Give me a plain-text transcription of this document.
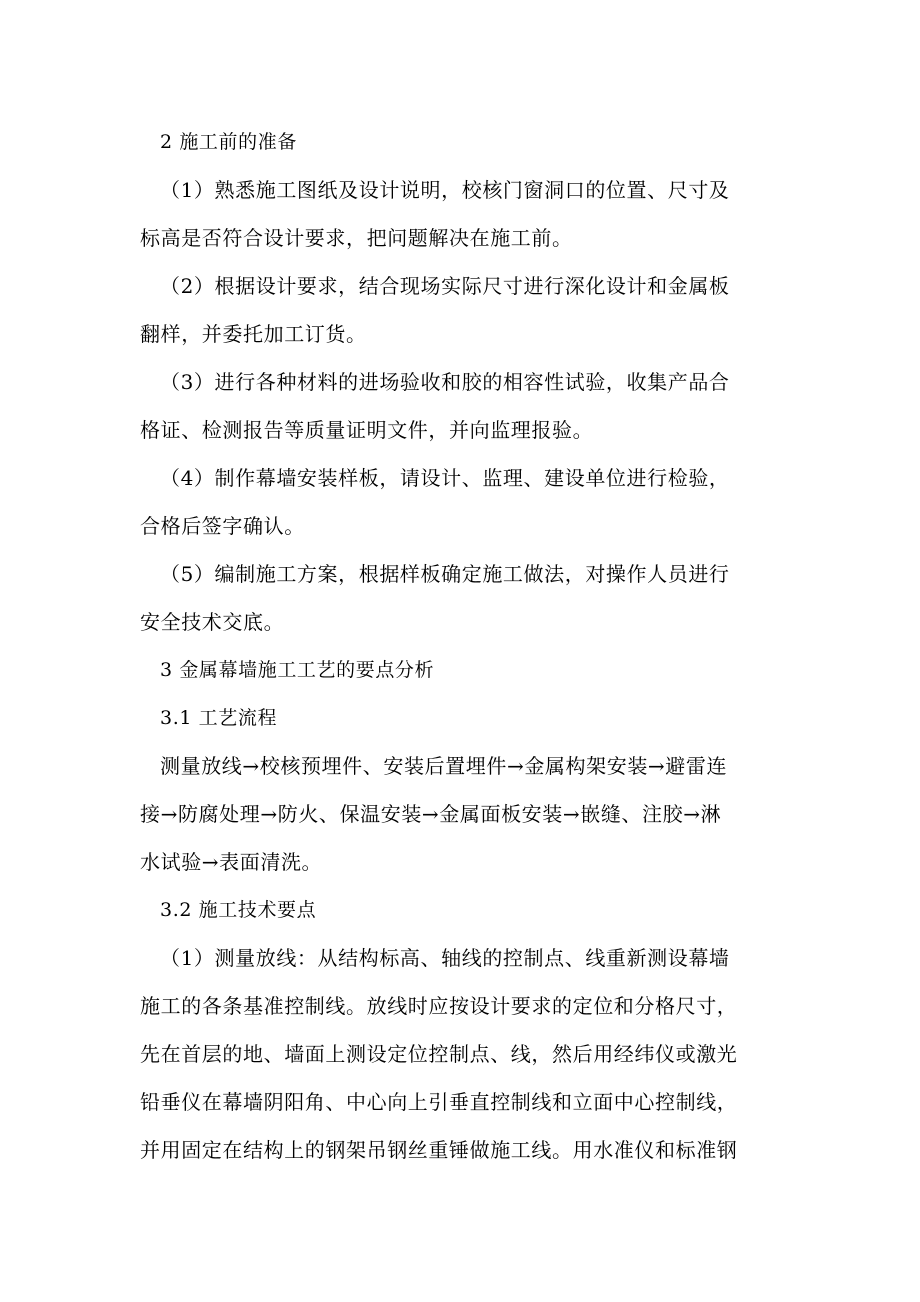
2 施工前的准备

（1）熟悉施工图纸及设计说明，校核门窗洞口的位置、尺寸及

标高是否符合设计要求，把问题解决在施工前。

（2）根据设计要求，结合现场实际尺寸进行深化设计和金属板

翻样，并委托加工订货。

（3）进行各种材料的进场验收和胶的相容性试验，收集产品合

格证、检测报告等质量证明文件，并向监理报验。

（4）制作幕墙安装样板，请设计、监理、建设单位进行检验，

合格后签字确认。

（5）编制施工方案，根据样板确定施工做法，对操作人员进行

安全技术交底。

3 金属幕墙施工工艺的要点分析

3.1 工艺流程

测量放线→校核预埋件、安装后置埋件→金属构架安装→避雷连

接→防腐处理→防火、保温安装→金属面板安装→嵌缝、注胶→淋

水试验→表面清洗。

3.2 施工技术要点

（1）测量放线：从结构标高、轴线的控制点、线重新测设幕墙

施工的各条基准控制线。放线时应按设计要求的定位和分格尺寸，

先在首层的地、墙面上测设定位控制点、线，然后用经纬仪或激光

铅垂仪在幕墙阴阳角、中心向上引垂直控制线和立面中心控制线，

并用固定在结构上的钢架吊钢丝重锤做施工线。用水准仪和标准钢
